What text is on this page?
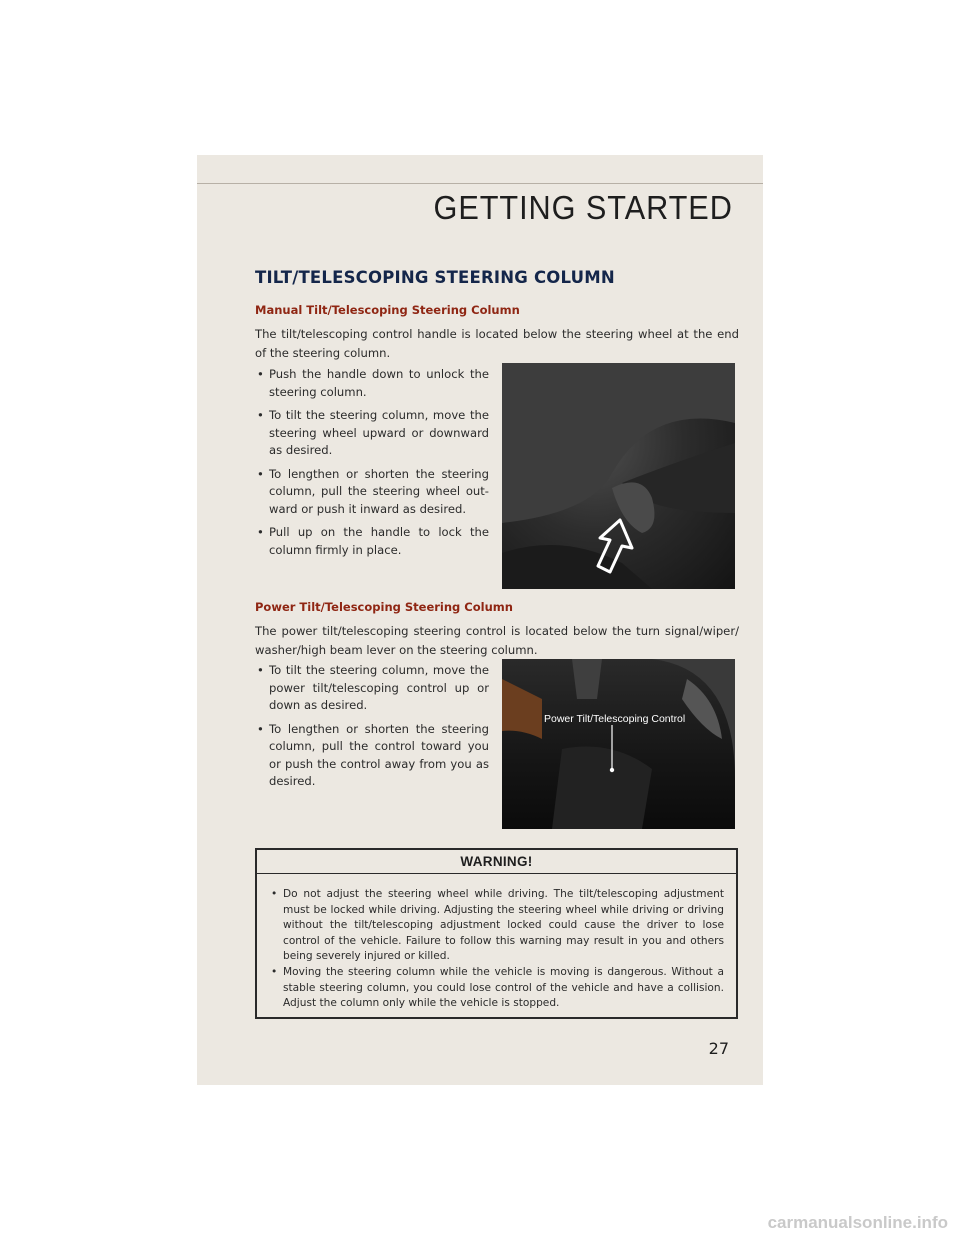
GETTING STARTED
TILT/TELESCOPING STEERING COLUMN
Manual Tilt/Telescoping Steering Column
The tilt/telescoping control handle is located below the steering wheel at the end of the steering column.
• Push the handle down to unlock the steering column.
• To tilt the steering column, move the steering wheel upward or downward as desired.
• To lengthen or shorten the steering column, pull the steering wheel out-ward or push it inward as desired.
• Pull up on the handle to lock the column firmly in place.
Power Tilt/Telescoping Steering Column
The power tilt/telescoping steering control is located below the turn signal/wiper/ washer/high beam lever on the steering column.
• To tilt the steering column, move the power tilt/telescoping control up or down as desired.
• To lengthen or shorten the steering column, pull the control toward you or push the control away from you as desired.
Power Tilt/Telescoping Control
WARNING!
• Do not adjust the steering wheel while driving. The tilt/telescoping adjustment must be locked while driving. Adjusting the steering wheel while driving or driving without the tilt/telescoping adjustment locked could cause the driver to lose control of the vehicle. Failure to follow this warning may result in you and others being severely injured or killed.
• Moving the steering column while the vehicle is moving is dangerous. Without a stable steering column, you could lose control of the vehicle and have a collision. Adjust the column only while the vehicle is stopped.
27
carmanualsonline.info
